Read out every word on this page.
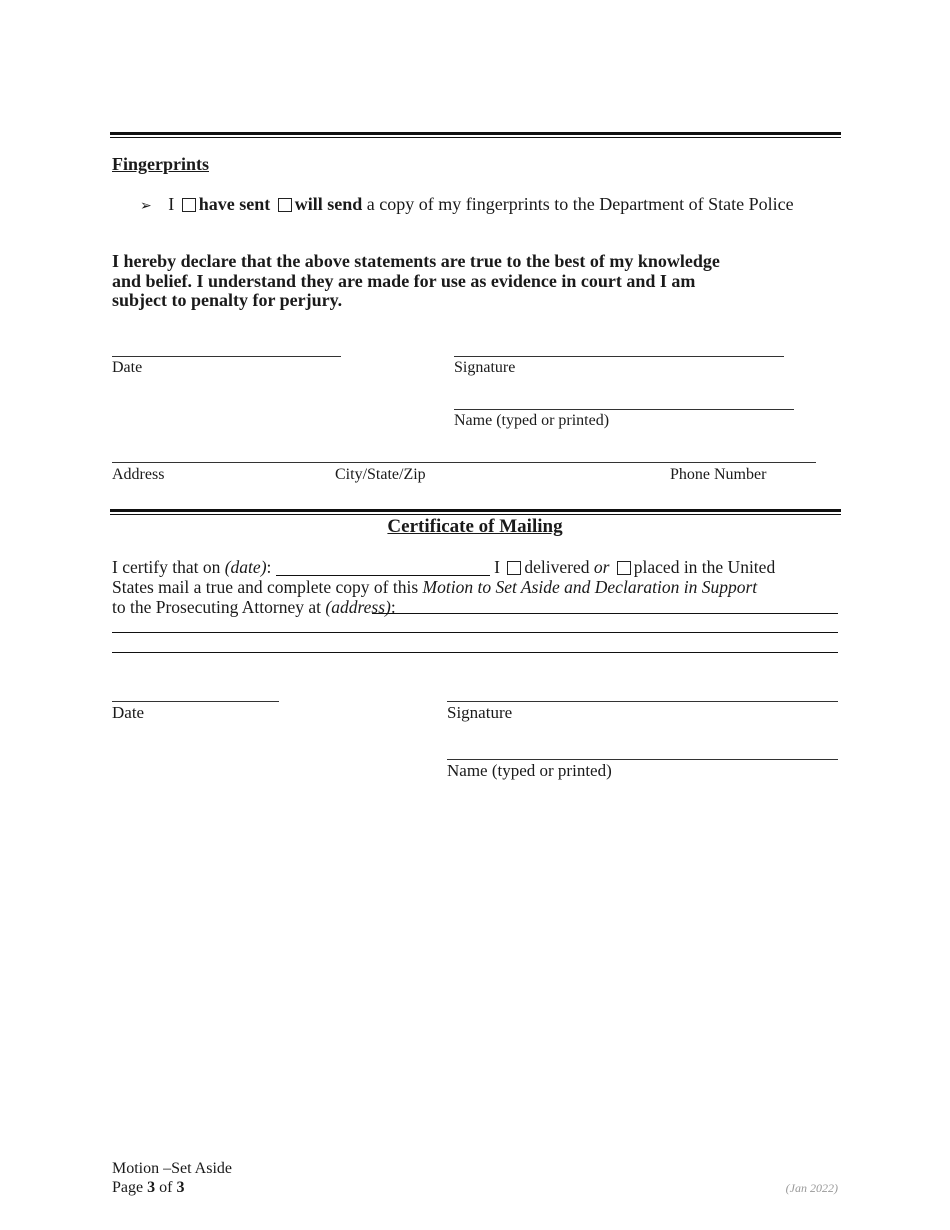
Fingerprints
➢ I have sent will send a copy of my fingerprints to the Department of State Police
I hereby declare that the above statements are true to the best of my knowledge
and belief. I understand they are made for use as evidence in court and I am
subject to penalty for perjury.
Date	Signature
Name (typed or printed)
Address	City/State/Zip	Phone Number
Certificate of Mailing
I certify that on (date):	I delivered or placed in the United
States mail a true and complete copy of this Motion to Set Aside and Declaration in Support
to the Prosecuting Attorney at (address):
Date	Signature
Name (typed or printed)
Motion –Set Aside
Page 3 of 3	(Jan 2022)
